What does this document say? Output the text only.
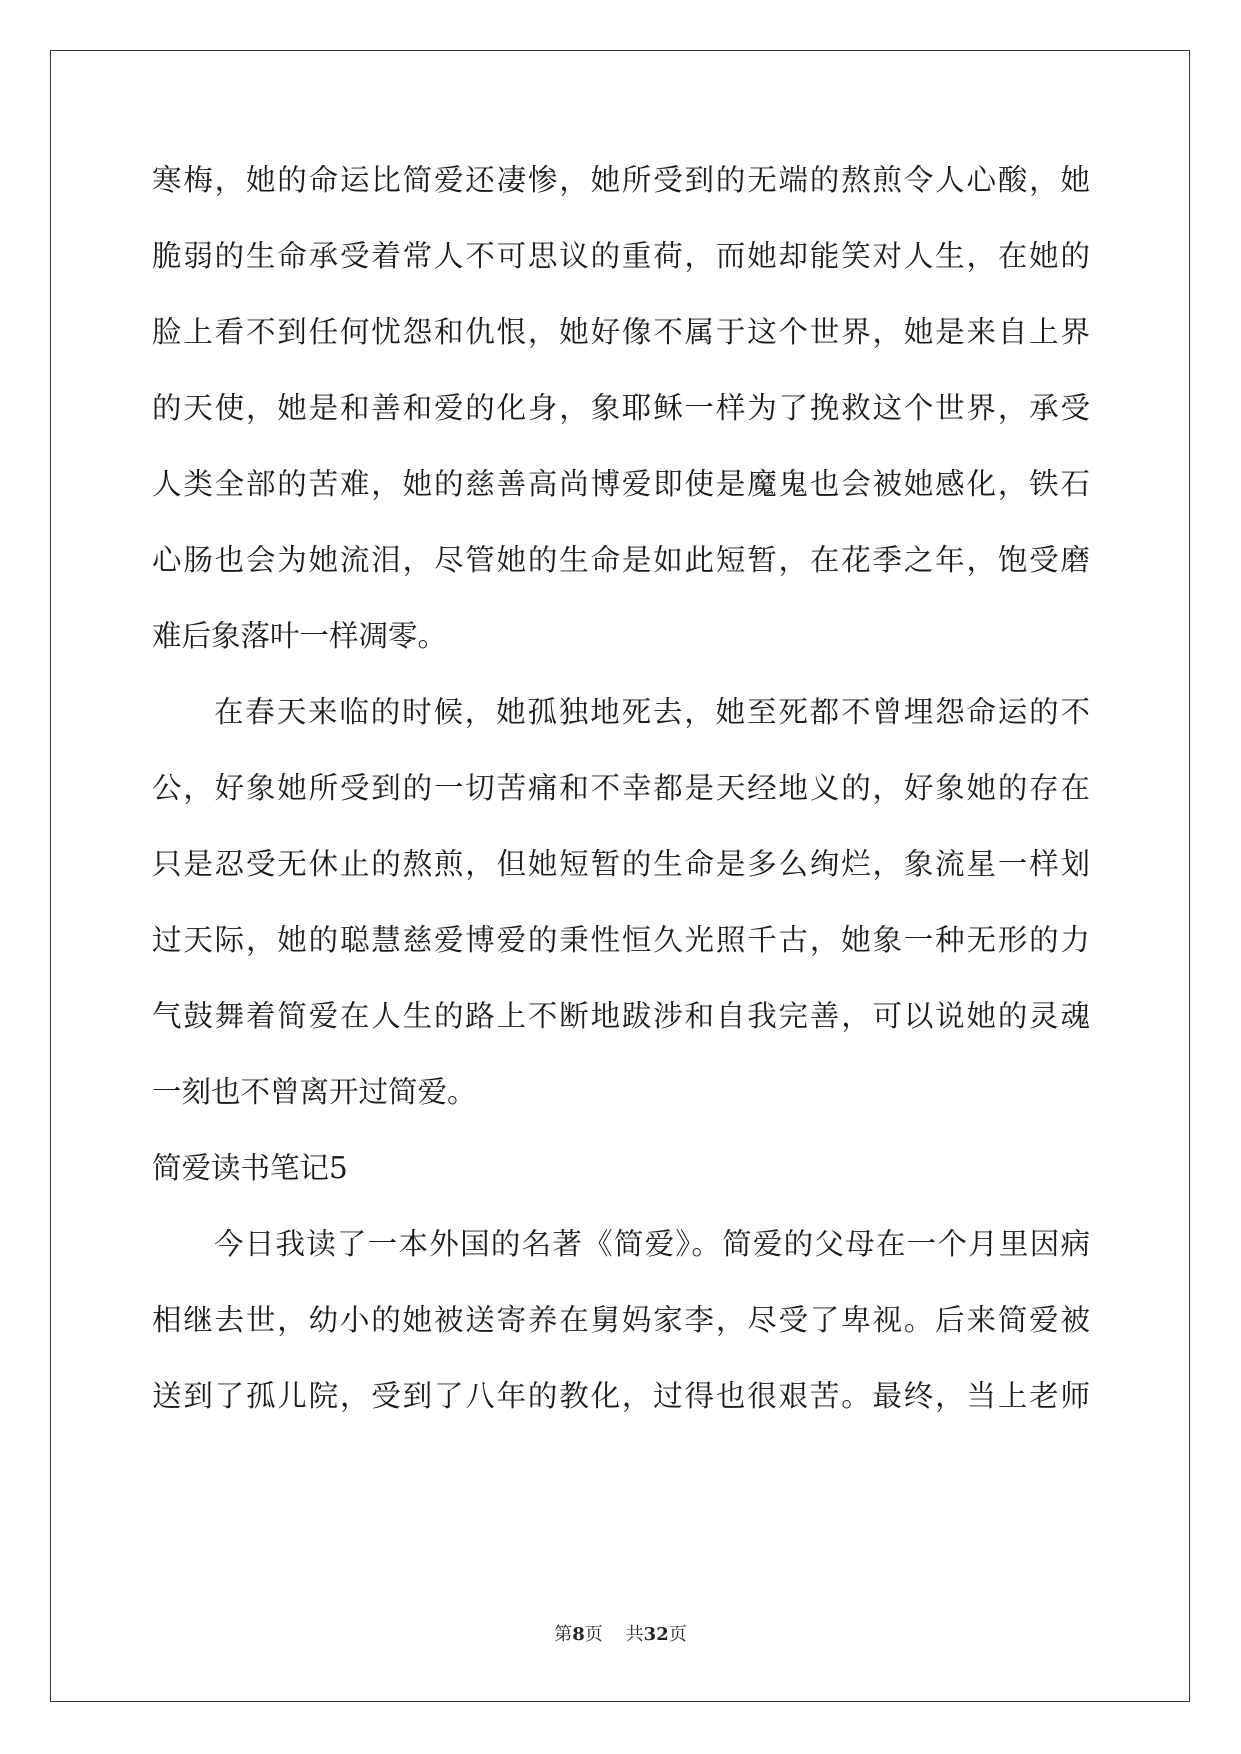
寒梅，她的命运比简爱还凄惨，她所受到的无端的熬煎令人心酸，她
脆弱的生命承受着常人不可思议的重荷，而她却能笑对人生，在她的
脸上看不到任何忧怨和仇恨，她好像不属于这个世界，她是来自上界
的天使，她是和善和爱的化身，象耶稣一样为了挽救这个世界，承受
人类全部的苦难，她的慈善高尚博爱即使是魔鬼也会被她感化，铁石
心肠也会为她流泪，尽管她的生命是如此短暂，在花季之年，饱受磨
难后象落叶一样凋零。
在春天来临的时候，她孤独地死去，她至死都不曾埋怨命运的不
公，好象她所受到的一切苦痛和不幸都是天经地义的，好象她的存在
只是忍受无休止的熬煎，但她短暂的生命是多么绚烂，象流星一样划
过天际，她的聪慧慈爱博爱的秉性恒久光照千古，她象一种无形的力
气鼓舞着简爱在人生的路上不断地跋涉和自我完善，可以说她的灵魂
一刻也不曾离开过简爱。
简爱读书笔记5
今日我读了一本外国的名著《简爱》。简爱的父母在一个月里因病
相继去世，幼小的她被送寄养在舅妈家李，尽受了卑视。后来简爱被
送到了孤儿院，受到了八年的教化，过得也很艰苦。最终，当上老师
第8页 共32页
